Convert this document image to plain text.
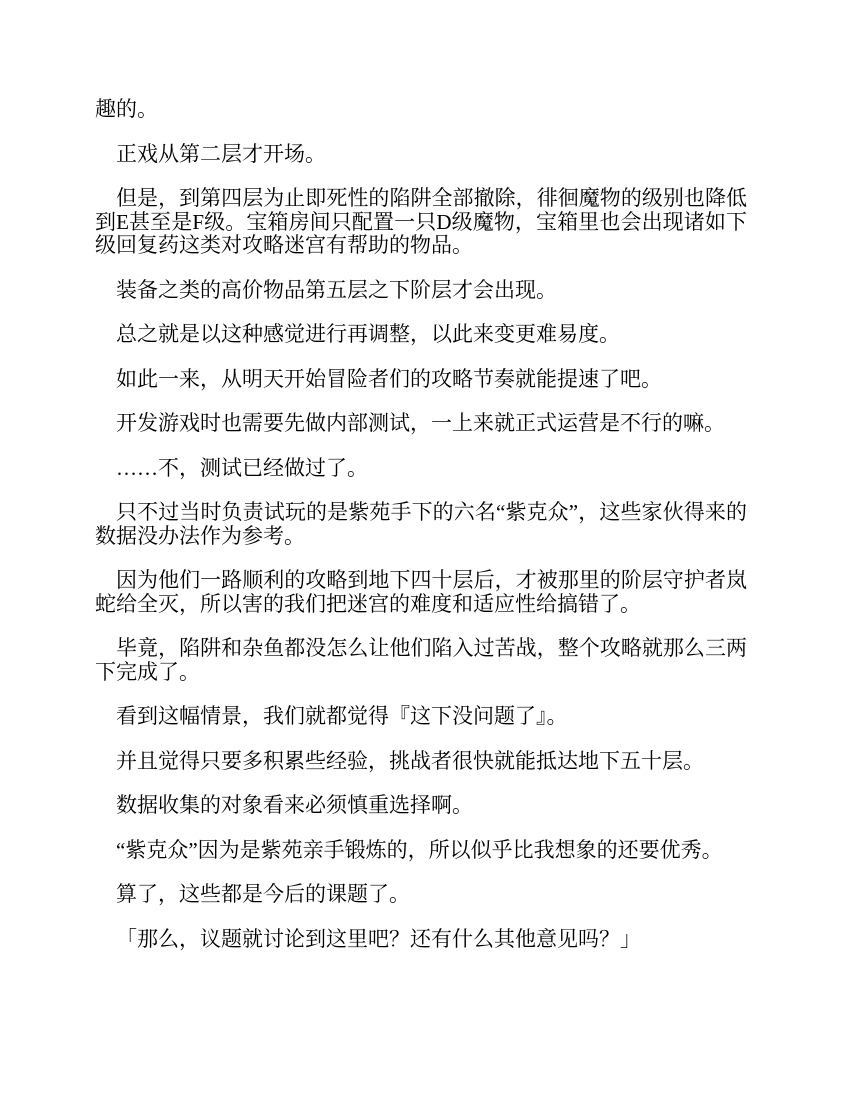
趣的。

正戏从第二层才开场。

但是，到第四层为止即死性的陷阱全部撤除，徘徊魔物的级别也降低到E甚至是F级。宝箱房间只配置一只D级魔物，宝箱里也会出现诸如下级回复药这类对攻略迷宫有帮助的物品。

装备之类的高价物品第五层之下阶层才会出现。

总之就是以这种感觉进行再调整，以此来变更难易度。

如此一来，从明天开始冒险者们的攻略节奏就能提速了吧。

开发游戏时也需要先做内部测试，一上来就正式运营是不行的嘛。

……不，测试已经做过了。

只不过当时负责试玩的是紫苑手下的六名“紫克众”，这些家伙得来的数据没办法作为参考。

因为他们一路顺利的攻略到地下四十层后，才被那里的阶层守护者岚蛇给全灭，所以害的我们把迷宫的难度和适应性给搞错了。

毕竟，陷阱和杂鱼都没怎么让他们陷入过苦战，整个攻略就那么三两下完成了。

看到这幅情景，我们就都觉得『这下没问题了』。

并且觉得只要多积累些经验，挑战者很快就能抵达地下五十层。

数据收集的对象看来必须慎重选择啊。

“紫克众”因为是紫苑亲手锻炼的，所以似乎比我想象的还要优秀。

算了，这些都是今后的课题了。

「那么，议题就讨论到这里吧？还有什么其他意见吗？」
